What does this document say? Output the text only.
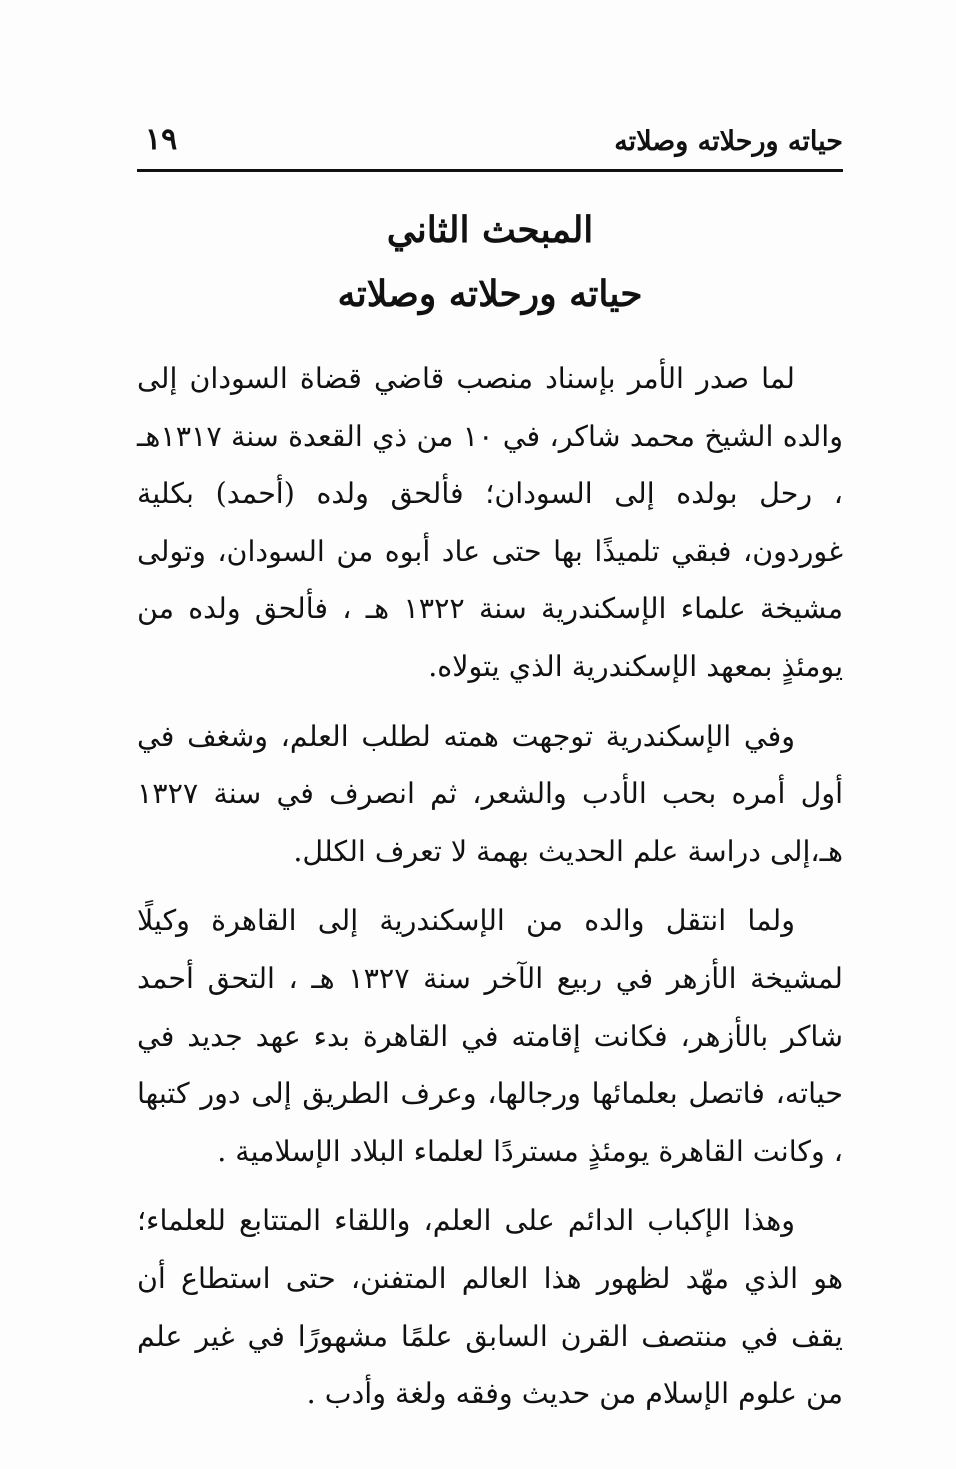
حياته ورحلاته وصلاته
١٩
المبحث الثاني
حياته ورحلاته وصلاته

لما صدر الأمر بإسناد منصب قاضي قضاة السودان إلى والده الشيخ محمد شاكر، في ١٠ من ذي القعدة سنة ١٣١٧هـ ، رحل بولده إلى السودان؛ فألحق ولده (أحمد) بكلية غوردون، فبقي تلميذًا بها حتى عاد أبوه من السودان، وتولى مشيخة علماء الإسكندرية سنة ١٣٢٢ هـ ، فألحق ولده من يومئذٍ بمعهد الإسكندرية الذي يتولاه.

وفي الإسكندرية توجهت همته لطلب العلم، وشغف في أول أمره بحب الأدب والشعر، ثم انصرف في سنة ١٣٢٧ هـ،إلى دراسة علم الحديث بهمة لا تعرف الكلل.

ولما انتقل والده من الإسكندرية إلى القاهرة وكيلًا لمشيخة الأزهر في ربيع الآخر سنة ١٣٢٧ هـ ، التحق أحمد شاكر بالأزهر، فكانت إقامته في القاهرة بدء عهد جديد في حياته، فاتصل بعلمائها ورجالها، وعرف الطريق إلى دور كتبها ، وكانت القاهرة يومئذٍ مستردًا لعلماء البلاد الإسلامية .

وهذا الإكباب الدائم على العلم، واللقاء المتتابع للعلماء؛ هو الذي مهّد لظهور هذا العالم المتفنن، حتى استطاع أن يقف في منتصف القرن السابق علمًا مشهورًا في غير علم من علوم الإسلام من حديث وفقه ولغة وأدب .
